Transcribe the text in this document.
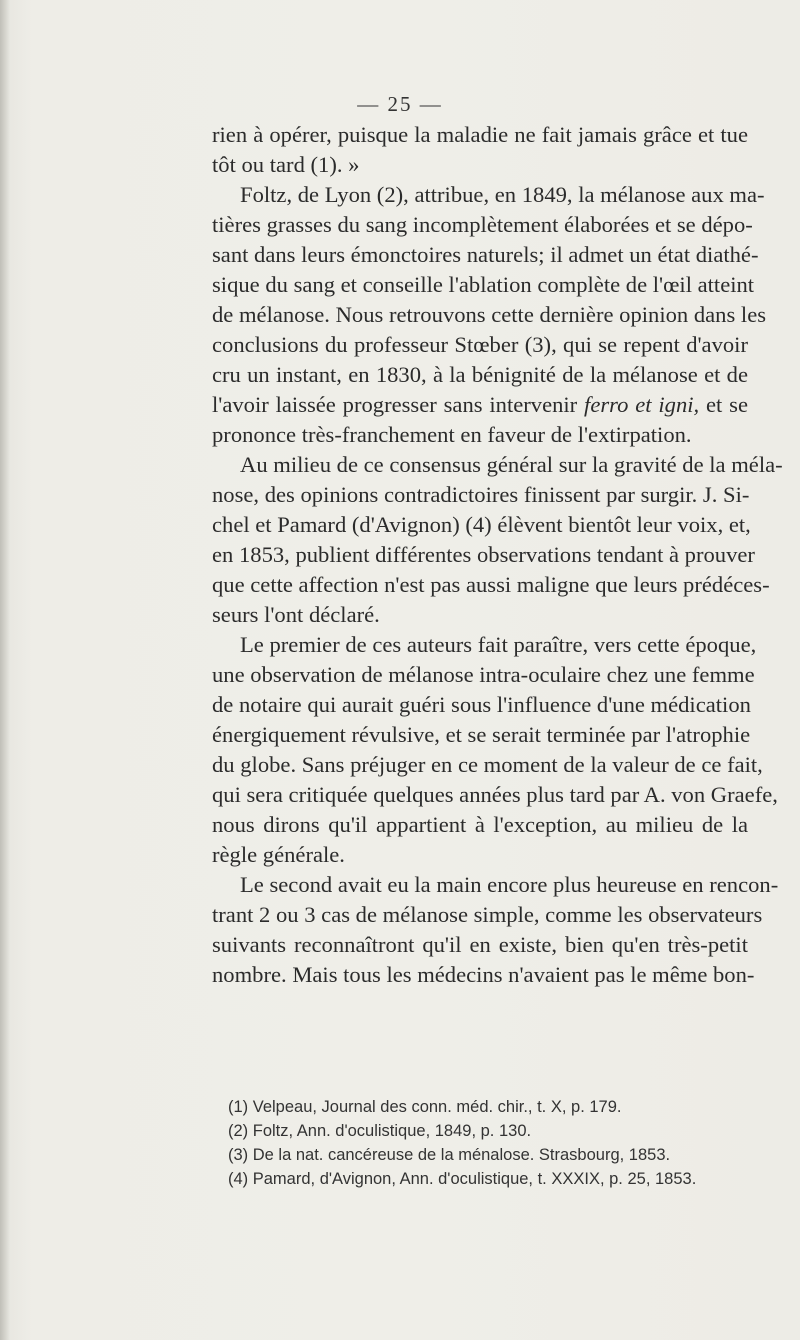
— 25 —
rien à opérer, puisque la maladie ne fait jamais grâce et tue
tôt ou tard (1). »
Foltz, de Lyon (2), attribue, en 1849, la mélanose aux ma-
tières grasses du sang incomplètement élaborées et se dépo-
sant dans leurs émonctoires naturels; il admet un état diathé-
sique du sang et conseille l'ablation complète de l'œil atteint
de mélanose. Nous retrouvons cette dernière opinion dans les
conclusions du professeur Stœber (3), qui se repent d'avoir
cru un instant, en 1830, à la bénignité de la mélanose et de
l'avoir laissée progresser sans intervenir ferro et igni, et se
prononce très-franchement en faveur de l'extirpation.
Au milieu de ce consensus général sur la gravité de la méla-
nose, des opinions contradictoires finissent par surgir. J. Si-
chel et Pamard (d'Avignon) (4) élèvent bientôt leur voix, et,
en 1853, publient différentes observations tendant à prouver
que cette affection n'est pas aussi maligne que leurs prédéces-
seurs l'ont déclaré.
Le premier de ces auteurs fait paraître, vers cette époque,
une observation de mélanose intra-oculaire chez une femme
de notaire qui aurait guéri sous l'influence d'une médication
énergiquement révulsive, et se serait terminée par l'atrophie
du globe. Sans préjuger en ce moment de la valeur de ce fait,
qui sera critiquée quelques années plus tard par A. von Graefe,
nous dirons qu'il appartient à l'exception, au milieu de la
règle générale.
Le second avait eu la main encore plus heureuse en rencon-
trant 2 ou 3 cas de mélanose simple, comme les observateurs
suivants reconnaîtront qu'il en existe, bien qu'en très-petit
nombre. Mais tous les médecins n'avaient pas le même bon-
(1) Velpeau, Journal des conn. méd. chir., t. X, p. 179.
(2) Foltz, Ann. d'oculistique, 1849, p. 130.
(3) De la nat. cancéreuse de la ménalose. Strasbourg, 1853.
(4) Pamard, d'Avignon, Ann. d'oculistique, t. XXXIX, p. 25, 1853.
